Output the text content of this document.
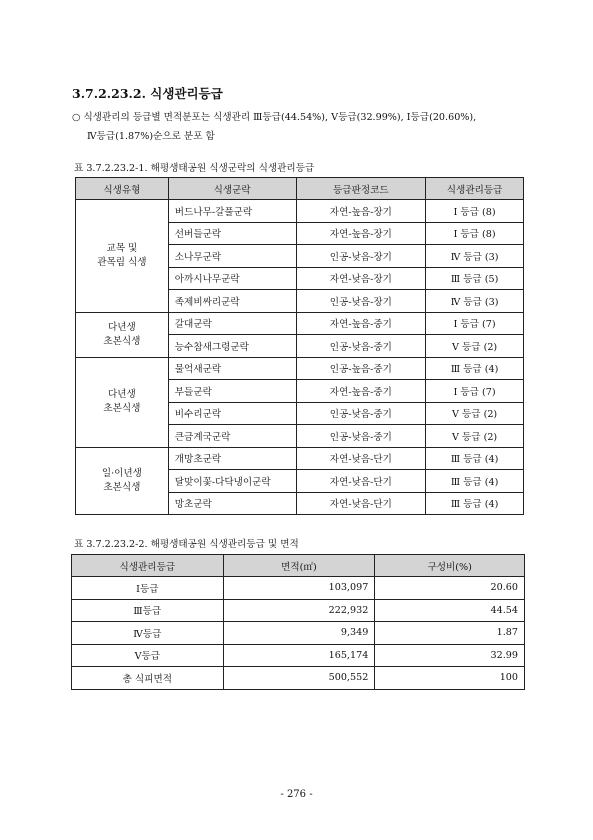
3.7.2.23.2. 식생관리등급
○ 식생관리의 등급별 면적분포는 식생관리 Ⅲ등급(44.54%), Ⅴ등급(32.99%), Ⅰ등급(20.60%),
Ⅳ등급(1.87%)순으로 분포 함
표 3.7.2.23.2-1. 해평생태공원 식생군락의 식생관리등급
식생유형	식생군락	등급판정코드	식생관리등급
교목 및
관목림 식생	버드나무-갈풀군락	자연-높음-장기	Ⅰ 등급 (8)
	선버들군락	자연-높음-장기	Ⅰ 등급 (8)
	소나무군락	인공-낮음-장기	Ⅳ 등급 (3)
	아까시나무군락	자연-낮음-장기	Ⅲ 등급 (5)
	족제비싸리군락	인공-낮음-장기	Ⅳ 등급 (3)
다년생
초본식생	갈대군락	자연-높음-중기	Ⅰ 등급 (7)
	능수참새그령군락	인공-낮음-중기	Ⅴ 등급 (2)
다년생
초본식생	물억새군락	인공-높음-중기	Ⅲ 등급 (4)
	부들군락	자연-높음-중기	Ⅰ 등급 (7)
	비수리군락	인공-낮음-중기	Ⅴ 등급 (2)
	큰금계국군락	인공-낮음-중기	Ⅴ 등급 (2)
일·이년생
초본식생	개망초군락	자연-낮음-단기	Ⅲ 등급 (4)
	달맞이꽃-다닥냉이군락	자연-낮음-단기	Ⅲ 등급 (4)
	망초군락	자연-낮음-단기	Ⅲ 등급 (4)
표 3.7.2.23.2-2. 해평생태공원 식생관리등급 및 면적
식생관리등급	면적(㎡)	구성비(%)
Ⅰ등급	103,097	20.60
Ⅲ등급	222,932	44.54
Ⅳ등급	9,349	1.87
Ⅴ등급	165,174	32.99
총 식피면적	500,552	100
- 276 -
